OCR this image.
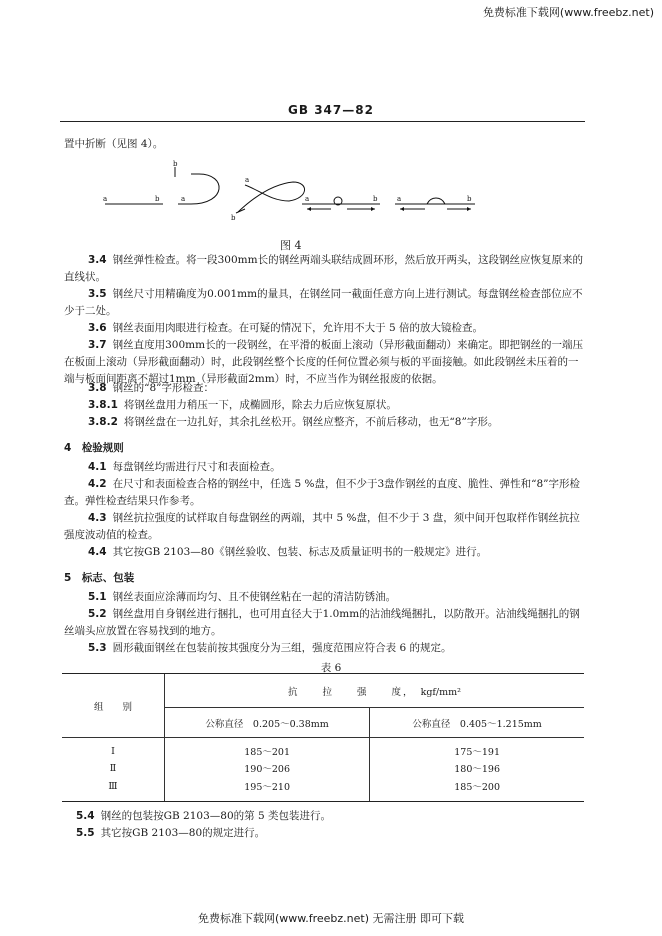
免费标准下载网(www.freebz.net)
GB 347—82
置中折断（见图 4）。
a	b
b
a
a
b
a	b	a	b
图 4
3.4 钢丝弹性检查。将一段300mm长的钢丝两端头联结成圆环形，然后放开两头，这段钢丝应恢复原来的直线状。
3.5 钢丝尺寸用精确度为0.001mm的量具，在钢丝同一截面任意方向上进行测试。每盘钢丝检查部位应不少于二处。
3.6 钢丝表面用肉眼进行检查。在可疑的情况下，允许用不大于 5 倍的放大镜检查。
3.7 钢丝直度用300mm长的一段钢丝，在平滑的板面上滚动（异形截面翻动）来确定。即把钢丝的一端压在板面上滚动（异形截面翻动）时，此段钢丝整个长度的任何位置必须与板的平面接触。如此段钢丝未压着的一端与板面间距离不超过1mm（异形截面2mm）时，不应当作为钢丝报废的依据。
3.8 钢丝的“8”字形检查：
3.8.1 将钢丝盘用力稍压一下，成椭圆形，除去力后应恢复原状。
3.8.2 将钢丝盘在一边扎好，其余扎丝松开。钢丝应整齐，不前后移动，也无“8”字形。
4　 检验规则
4.1 每盘钢丝均需进行尺寸和表面检查。
4.2 在尺寸和表面检查合格的钢丝中，任选 5 %盘，但不少于3盘作钢丝的直度、脆性、弹性和“8”字形检查。弹性检查结果只作参考。
4.3 钢丝抗拉强度的试样取自每盘钢丝的两端，其中 5 %盘，但不少于 3 盘，须中间开包取样作钢丝抗拉强度波动值的检查。
4.4 其它按GB 2103—80《钢丝验收、包装、标志及质量证明书的一般规定》进行。
5　 标志、包装
5.1 钢丝表面应涂薄而均匀、且不使钢丝粘在一起的清洁防锈油。
5.2 钢丝盘用自身钢丝进行捆扎，也可用直径大于1.0mm的沾油线绳捆扎，以防散开。沾油线绳捆扎的钢丝端头应放置在容易找到的地方。
5.3 圆形截面钢丝在包装前按其强度分为三组，强度范围应符合表 6 的规定。
表 6
组　　别	抗　　拉　　强　　度， kgf/mm²	
	公称直径　0.205～0.38mm	公称直径　0.405～1.215mm
Ⅰ	185～201	175～191
Ⅱ	190～206	180～196
Ⅲ	195～210	185～200
5.4 钢丝的包装按GB 2103—80的第 5 类包装进行。
5.5 其它按GB 2103—80的规定进行。
免费标准下载网(www.freebz.net) 无需注册 即可下载
